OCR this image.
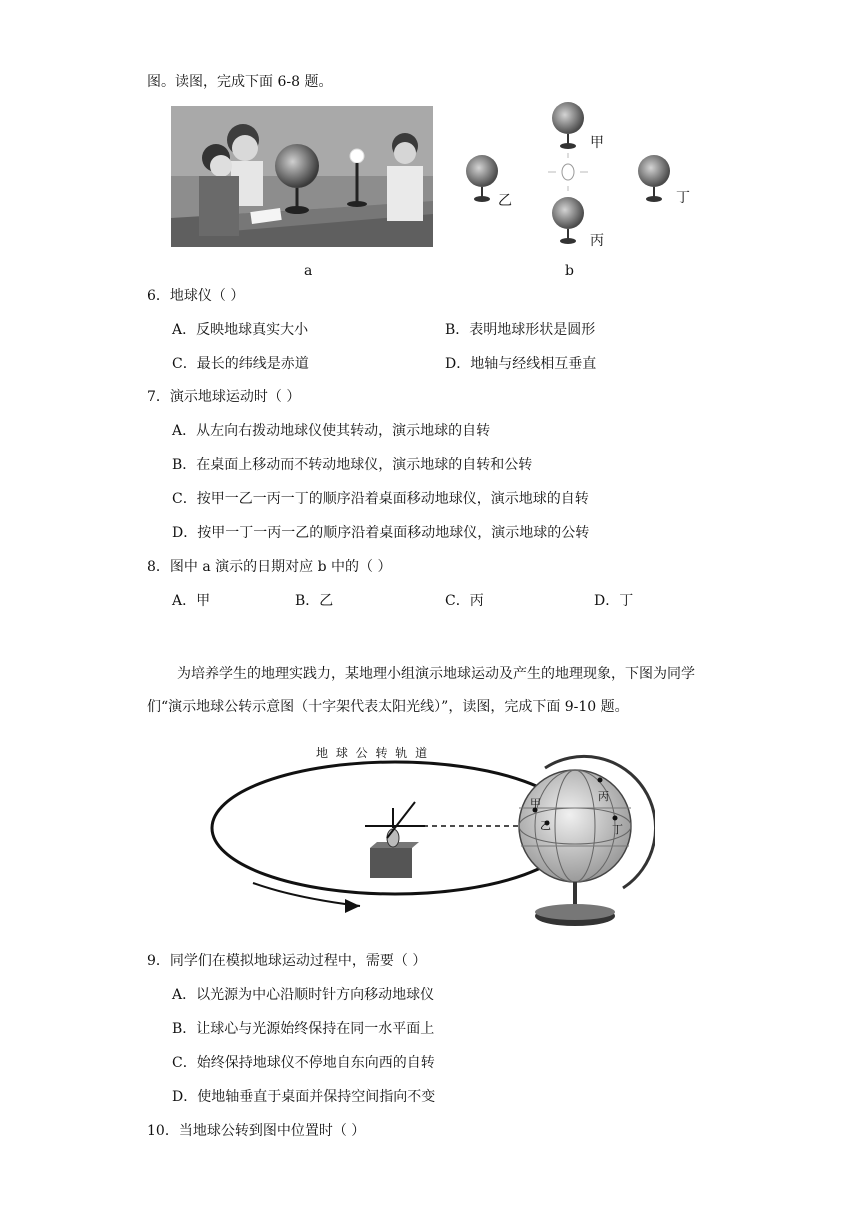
图。读图，完成下面 6-8 题。
a
甲
乙
丙
丁
b
6．地球仪（ ）
A．反映地球真实大小	B．表明地球形状是圆形
C．最长的纬线是赤道	D．地轴与经线相互垂直
7．演示地球运动时（ ）
A．从左向右拨动地球仪使其转动，演示地球的自转
B．在桌面上移动而不转动地球仪，演示地球的自转和公转
C．按甲一乙一丙一丁的顺序沿着桌面移动地球仪，演示地球的自转
D．按甲一丁一丙一乙的顺序沿着桌面移动地球仪，演示地球的公转
8．图中 a 演示的日期对应 b 中的（ ）
A．甲	B．乙	C．丙	D．丁
为培养学生的地理实践力，某地理小组演示地球运动及产生的地理现象，下图为同学们“演示地球公转示意图（十字架代表太阳光线）”，读图，完成下面 9-10 题。
地 球 公 转 轨 道
甲
乙
丙
丁
9．同学们在模拟地球运动过程中，需要（ ）
A．以光源为中心沿顺时针方向移动地球仪
B．让球心与光源始终保持在同一水平面上
C．始终保持地球仪不停地自东向西的自转
D．使地轴垂直于桌面并保持空间指向不变
10．当地球公转到图中位置时（ ）
